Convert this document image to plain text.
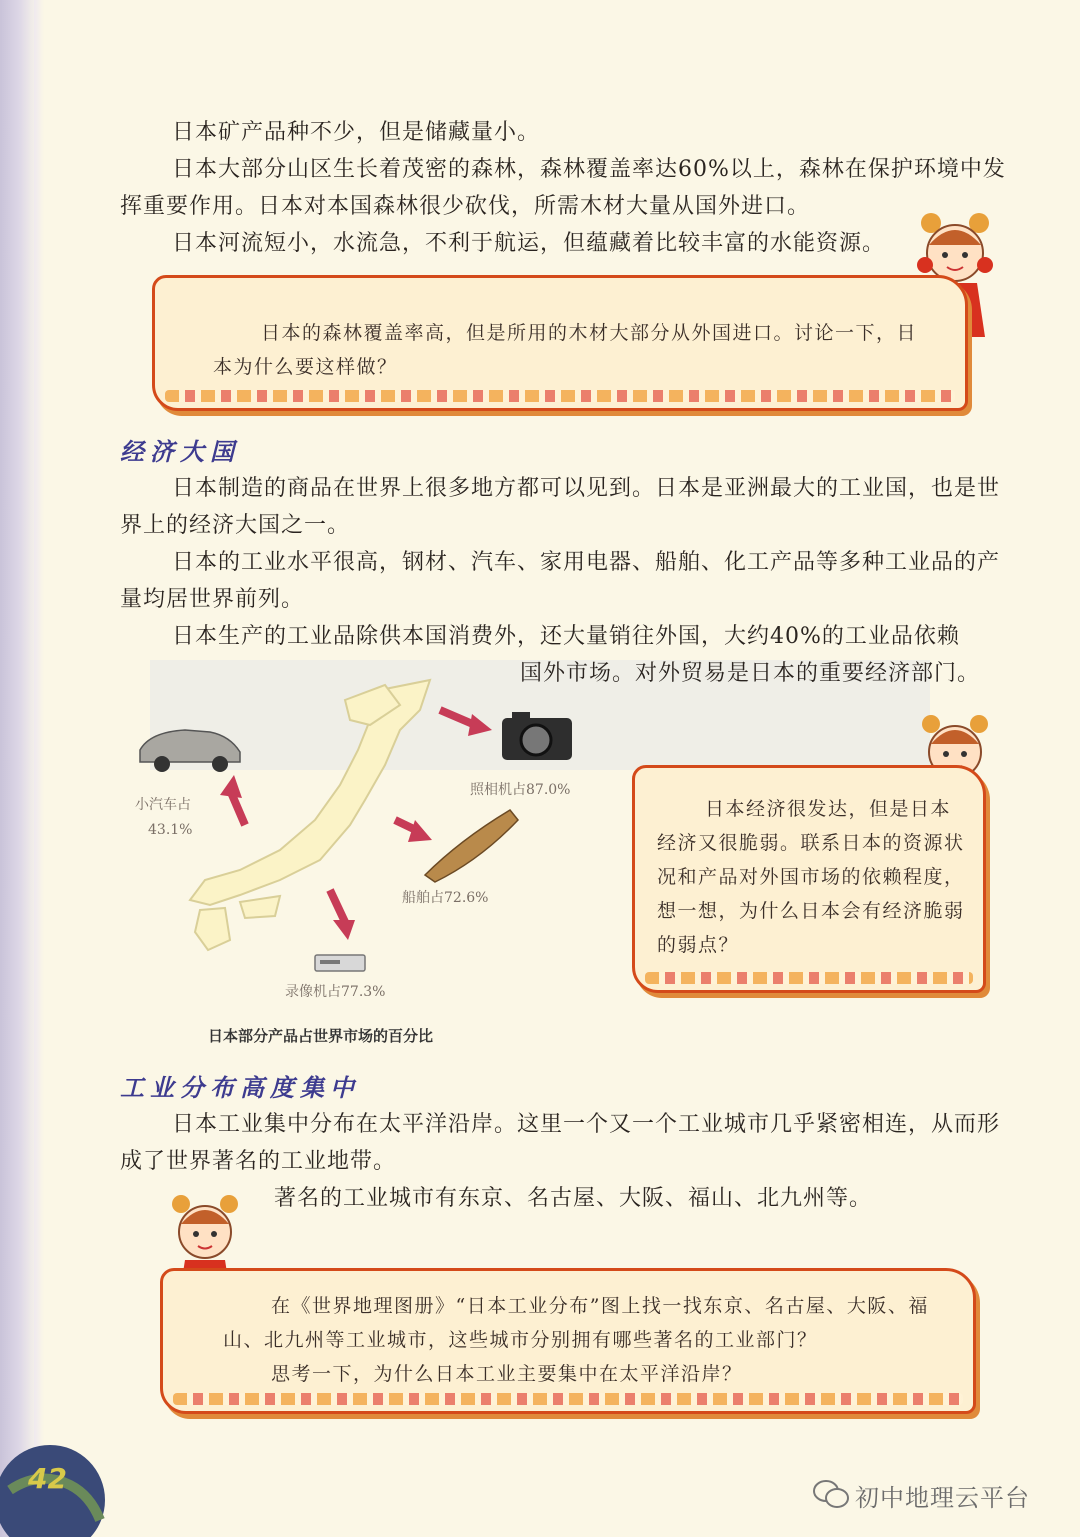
日本矿产品种不少，但是储藏量小。

日本大部分山区生长着茂密的森林，森林覆盖率达60%以上，森林在保护环境中发挥重要作用。日本对本国森林很少砍伐，所需木材大量从国外进口。

日本河流短小，水流急，不利于航运，但蕴藏着比较丰富的水能资源。

日本的森林覆盖率高，但是所用的木材大部分从外国进口。讨论一下，日本为什么要这样做？

经济大国

日本制造的商品在世界上很多地方都可以见到。日本是亚洲最大的工业国，也是世界上的经济大国之一。

日本的工业水平很高，钢材、汽车、家用电器、船舶、化工产品等多种工业品的产量均居世界前列。

日本生产的工业品除供本国消费外，还大量销往外国，大约40%的工业品依赖

国外市场。对外贸易是日本的重要经济部门。

小汽车占

43.1%

照相机占87.0%

船舶占72.6%

录像机占77.3%

日本部分产品占世界市场的百分比

日本经济很发达，但是日本经济又很脆弱。联系日本的资源状况和产品对外国市场的依赖程度，想一想，为什么日本会有经济脆弱的弱点？

工业分布高度集中

日本工业集中分布在太平洋沿岸。这里一个又一个工业城市几乎紧密相连，从而形成了世界著名的工业地带。

著名的工业城市有东京、名古屋、大阪、福山、北九州等。

在《世界地理图册》“日本工业分布”图上找一找东京、名古屋、大阪、福山、北九州等工业城市，这些城市分别拥有哪些著名的工业部门？

思考一下，为什么日本工业主要集中在太平洋沿岸？

42

初中地理云平台
